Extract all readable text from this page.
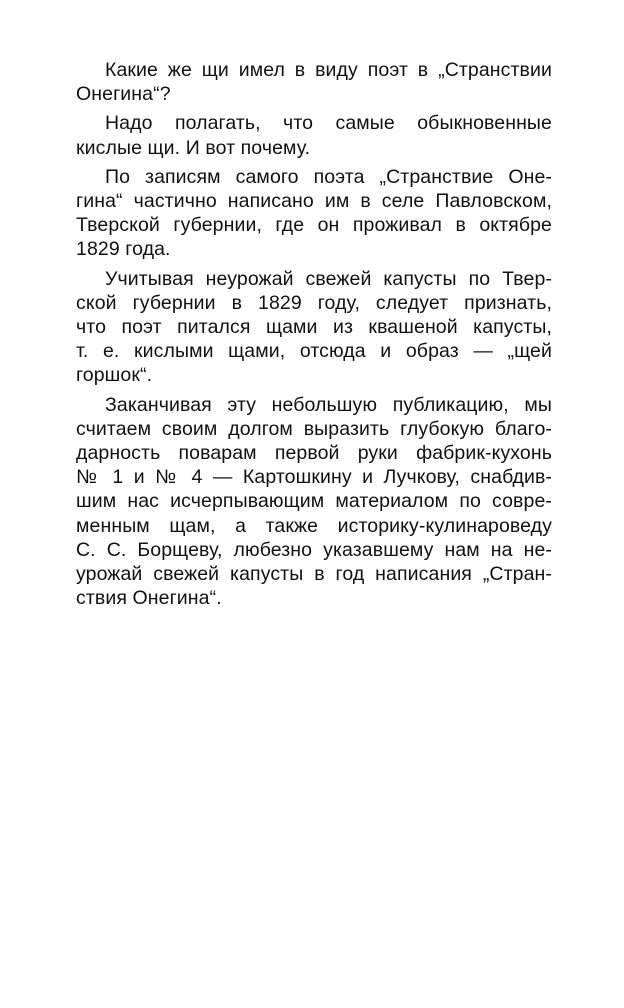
Какие же щи имел в виду поэт в „Странствии
Онегина“?

Надо полагать, что самые обыкновенные
кислые щи. И вот почему.

По записям самого поэта „Странствие Оне-
гина“ частично написано им в селе Павловском,
Тверской губернии, где он проживал в октябре
1829 года.

Учитывая неурожай свежей капусты по Твер-
ской губернии в 1829 году, следует признать,
что поэт питался щами из квашеной капусты,
т. е. кислыми щами, отсюда и образ — „щей
горшок“.

Заканчивая эту небольшую публикацию, мы
считаем своим долгом выразить глубокую благо-
дарность поварам первой руки фабрик-кухонь
№ 1 и № 4 — Картошкину и Лучкову, снабдив-
шим нас исчерпывающим материалом по совре-
менным щам, а также историку-кулинароведу
С. С. Борщеву, любезно указавшему нам на не-
урожай свежей капусты в год написания „Стран-
ствия Онегина“.
